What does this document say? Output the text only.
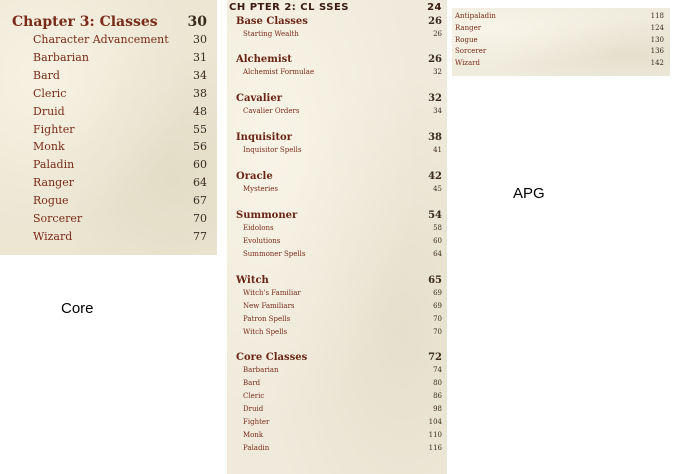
Chapter 3: Classes 30
Character Advancement 30
Barbarian	31
Bard	34
Cleric	38
Druid	48
Fighter	55
Monk	56
Paladin	60
Ranger	64
Rogue	67
Sorcerer	70
Wizard	77
CH PTER 2: CL SSES	24
Base Classes	26
Starting Wealth	26
Alchemist	26
Alchemist Formulae	32
Cavalier	32
Cavalier Orders	34
Inquisitor	38
Inquisitor Spells	41
Oracle	42
Mysteries	45
Summoner	54
Eidolons	58
Evolutions	60
Summoner Spells	64
Witch	65
Witch's Familiar	69
New Familiars	69
Patron Spells	70
Witch Spells	70
Core Classes	72
Barbarian	74
Bard	80
Cleric	86
Druid	98
Fighter	104
Monk	110
Paladin	116
Antipaladin	118
Ranger	124
Rogue	130
Sorcerer	136
Wizard	142
Core
APG
